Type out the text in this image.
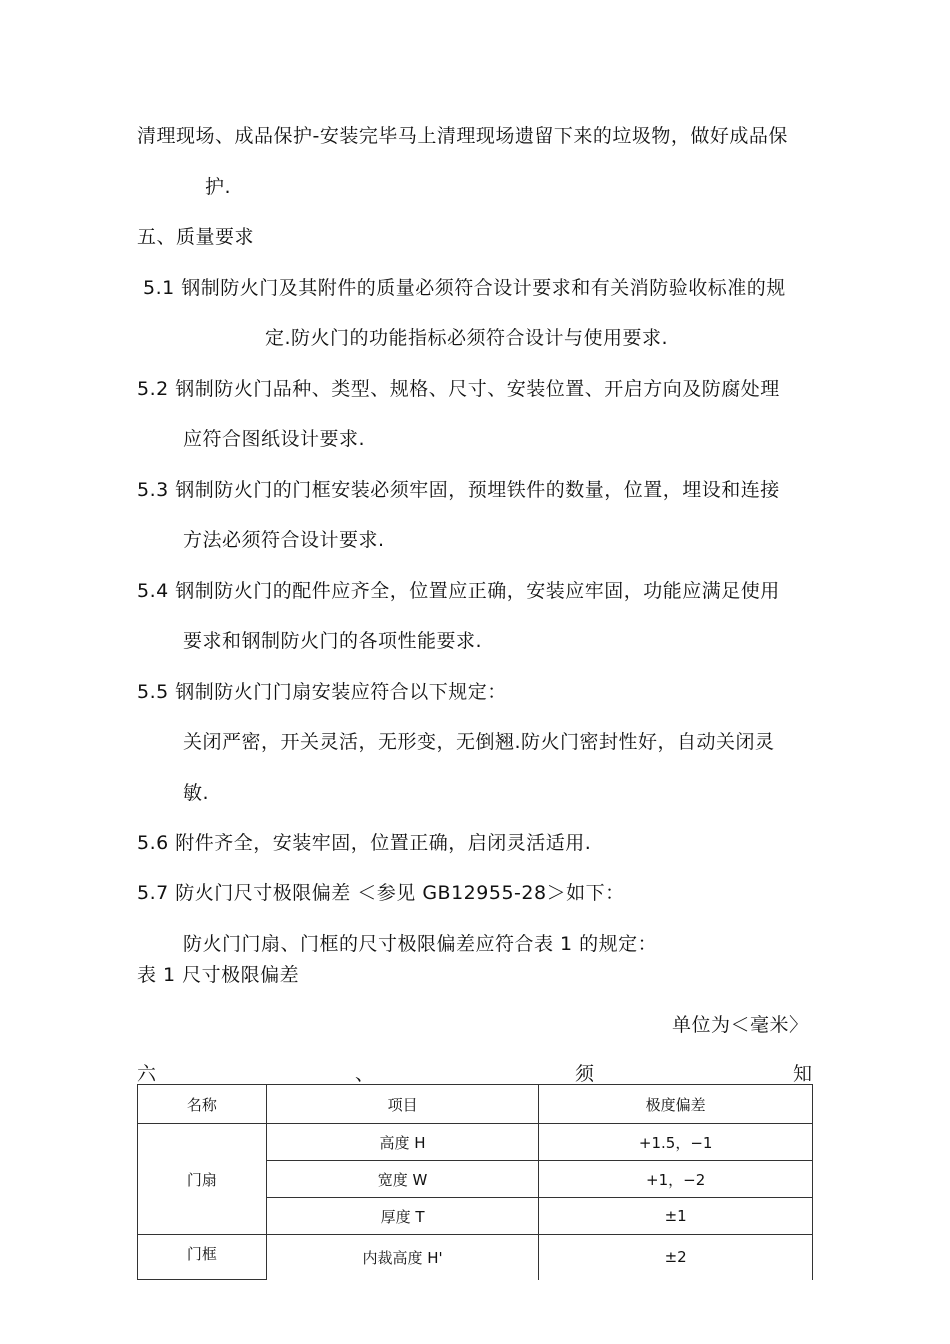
清理现场、成品保护-安装完毕马上清理现场遗留下来的垃圾物，做好成品保
护.
五、质量要求
5.1 钢制防火门及其附件的质量必须符合设计要求和有关消防验收标准的规
定.防火门的功能指标必须符合设计与使用要求.
5.2 钢制防火门品种、类型、规格、尺寸、安装位置、开启方向及防腐处理
应符合图纸设计要求.
5.3 钢制防火门的门框安装必须牢固，预埋铁件的数量，位置，埋设和连接
方法必须符合设计要求.
5.4 钢制防火门的配件应齐全，位置应正确，安装应牢固，功能应满足使用
要求和钢制防火门的各项性能要求.
5.5 钢制防火门门扇安装应符合以下规定：
关闭严密，开关灵活，无形变，无倒翘.防火门密封性好，自动关闭灵
敏.
5.6 附件齐全，安装牢固，位置正确，启闭灵活适用.
5.7 防火门尺寸极限偏差 ＜参见 GB12955-28＞如下：
防火门门扇、门框的尺寸极限偏差应符合表 1 的规定：
表 1 尺寸极限偏差
单位为＜毫米〉
六	、	须	知
名称	项目	极度偏差
门扇	高度 H	+1.5，−1
	宽度 W	+1，−2
	厚度 T	±1
门框	内裁高度 H'	±2
